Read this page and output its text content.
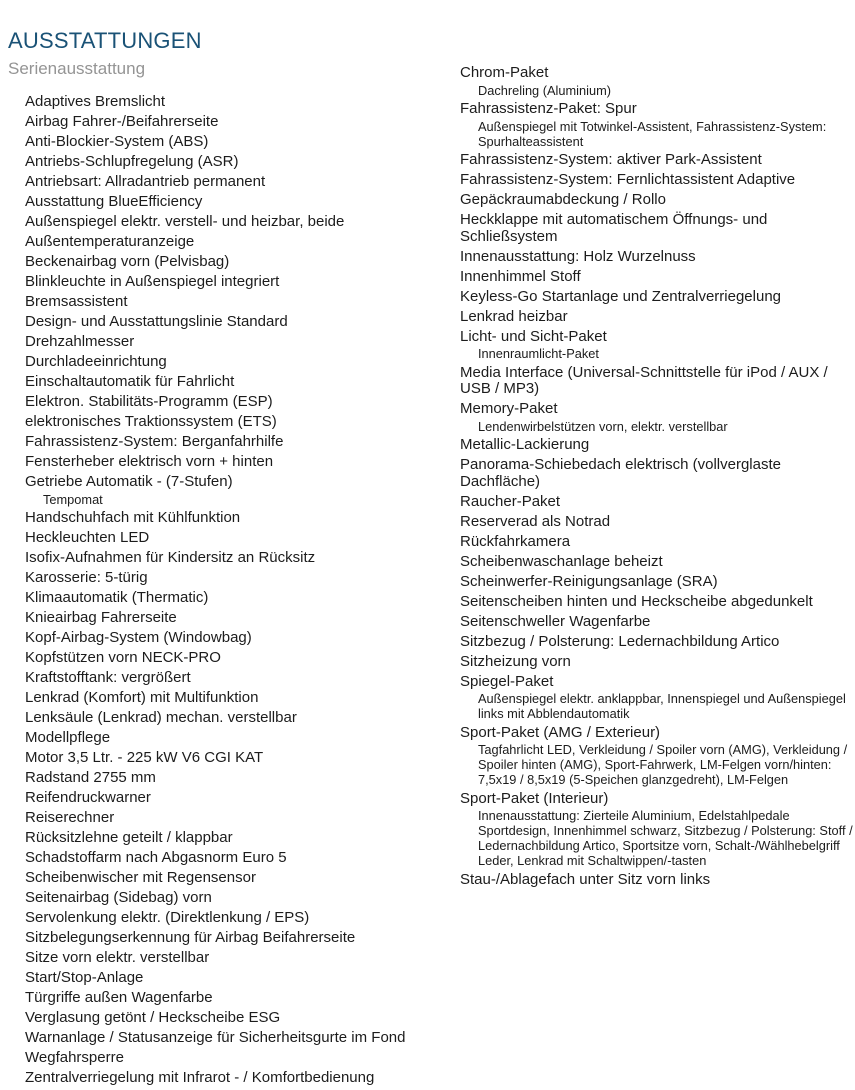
AUSSTATTUNGEN
Serienausstattung
Adaptives Bremslicht
Airbag Fahrer-/Beifahrerseite
Anti-Blockier-System (ABS)
Antriebs-Schlupfregelung (ASR)
Antriebsart: Allradantrieb permanent
Ausstattung BlueEfficiency
Außenspiegel elektr. verstell- und heizbar, beide
Außentemperaturanzeige
Beckenairbag vorn (Pelvisbag)
Blinkleuchte in Außenspiegel integriert
Bremsassistent
Design- und Ausstattungslinie Standard
Drehzahlmesser
Durchladeeinrichtung
Einschaltautomatik für Fahrlicht
Elektron. Stabilitäts-Programm (ESP)
elektronisches Traktionssystem (ETS)
Fahrassistenz-System: Berganfahrhilfe
Fensterheber elektrisch vorn + hinten
Getriebe Automatik - (7-Stufen)
Tempomat
Handschuhfach mit Kühlfunktion
Heckleuchten LED
Isofix-Aufnahmen für Kindersitz an Rücksitz
Karosserie: 5-türig
Klimaautomatik (Thermatic)
Knieairbag Fahrerseite
Kopf-Airbag-System (Windowbag)
Kopfstützen vorn NECK-PRO
Kraftstofftank: vergrößert
Lenkrad (Komfort) mit Multifunktion
Lenksäule (Lenkrad) mechan. verstellbar
Modellpflege
Motor 3,5 Ltr. - 225 kW V6 CGI KAT
Radstand 2755 mm
Reifendruckwarner
Reiserechner
Rücksitzlehne geteilt / klappbar
Schadstoffarm nach Abgasnorm Euro 5
Scheibenwischer mit Regensensor
Seitenairbag (Sidebag) vorn
Servolenkung elektr. (Direktlenkung / EPS)
Sitzbelegungserkennung für Airbag Beifahrerseite
Sitze vorn elektr. verstellbar
Start/Stop-Anlage
Türgriffe außen Wagenfarbe
Verglasung getönt / Heckscheibe ESG
Warnanlage / Statusanzeige für Sicherheitsgurte im Fond
Wegfahrsperre
Zentralverriegelung mit Infrarot - / Komfortbedienung
Chrom-Paket
Dachreling (Aluminium)
Fahrassistenz-Paket: Spur
Außenspiegel mit Totwinkel-Assistent, Fahrassistenz-System: Spurhalteassistent
Fahrassistenz-System: aktiver Park-Assistent
Fahrassistenz-System: Fernlichtassistent Adaptive
Gepäckraumabdeckung / Rollo
Heckklappe mit automatischem Öffnungs- und Schließsystem
Innenausstattung: Holz Wurzelnuss
Innenhimmel Stoff
Keyless-Go Startanlage und Zentralverriegelung
Lenkrad heizbar
Licht- und Sicht-Paket
Innenraumlicht-Paket
Media Interface (Universal-Schnittstelle für iPod / AUX / USB / MP3)
Memory-Paket
Lendenwirbelstützen vorn, elektr. verstellbar
Metallic-Lackierung
Panorama-Schiebedach elektrisch (vollverglaste Dachfläche)
Raucher-Paket
Reserverad als Notrad
Rückfahrkamera
Scheibenwaschanlage beheizt
Scheinwerfer-Reinigungsanlage (SRA)
Seitenscheiben hinten und Heckscheibe abgedunkelt
Seitenschweller Wagenfarbe
Sitzbezug / Polsterung: Ledernachbildung Artico
Sitzheizung vorn
Spiegel-Paket
Außenspiegel elektr. anklappbar, Innenspiegel und Außenspiegel links mit Abblendautomatik
Sport-Paket (AMG / Exterieur)
Tagfahrlicht LED, Verkleidung / Spoiler vorn (AMG), Verkleidung / Spoiler hinten (AMG), Sport-Fahrwerk, LM-Felgen vorn/hinten: 7,5x19 / 8,5x19 (5-Speichen glanzgedreht), LM-Felgen
Sport-Paket (Interieur)
Innenausstattung: Zierteile Aluminium, Edelstahlpedale Sportdesign, Innenhimmel schwarz, Sitzbezug / Polsterung: Stoff / Ledernachbildung Artico, Sportsitze vorn, Schalt-/Wählhebelgriff Leder, Lenkrad mit Schaltwippen/-tasten
Stau-/Ablagefach unter Sitz vorn links
